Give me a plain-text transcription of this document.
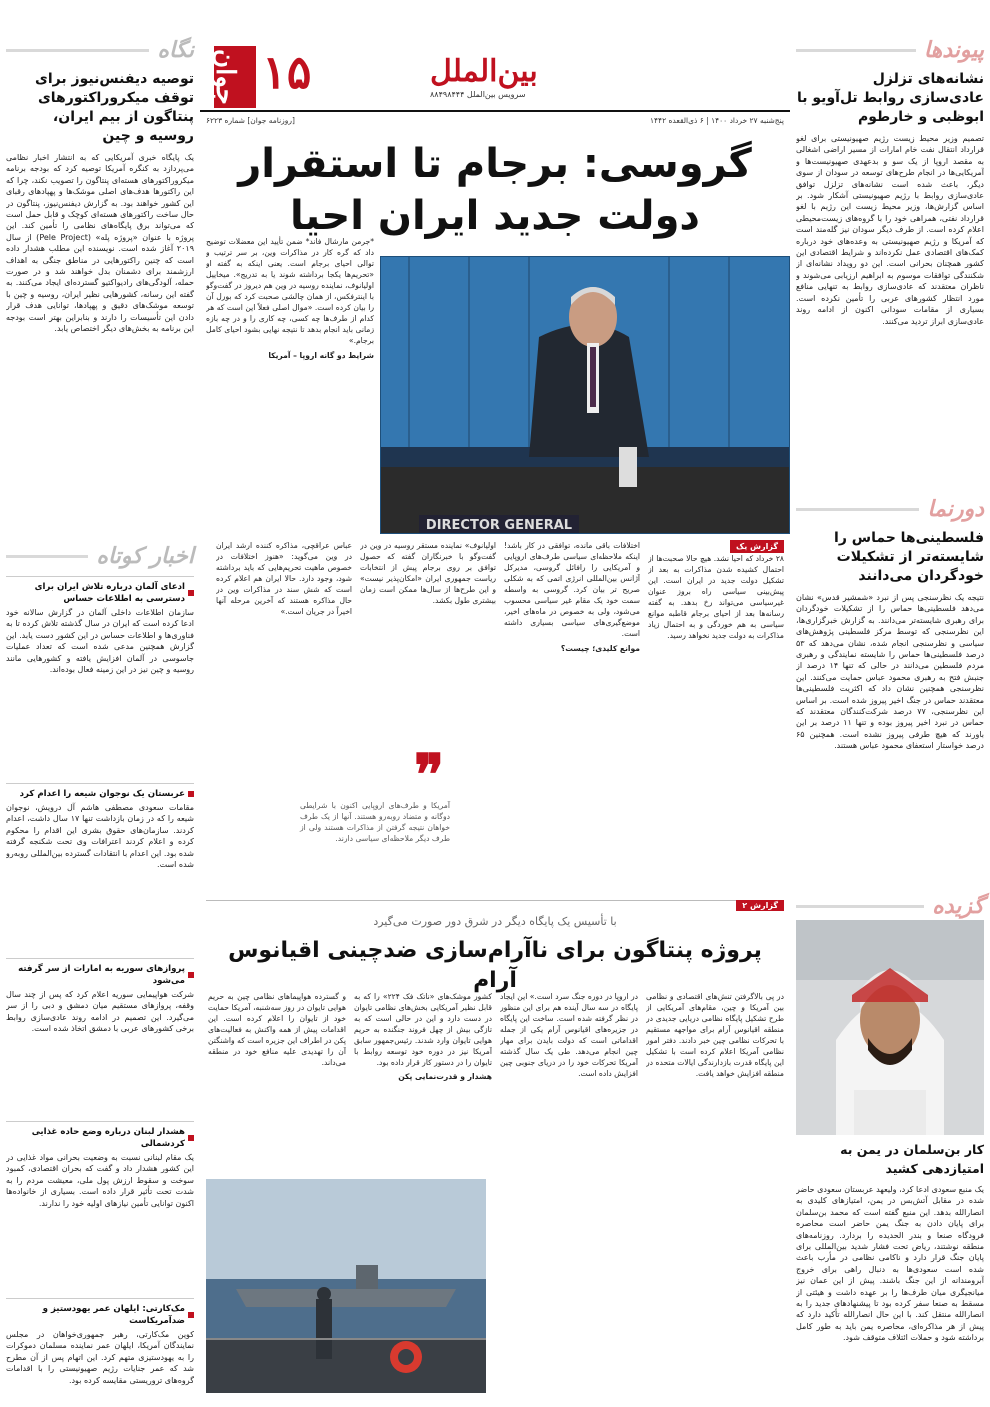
پیوندها
نشانه‌های تزلزل عادی‌سازی روابط تل‌آویو با ابوظبی و خارطوم
تصمیم وزیر محیط زیست رژیم صهیونیستی برای لغو قرارداد انتقال نفت خام امارات از مسیر اراضی اشغالی به مقصد اروپا از یک سو و بدعهدی صهیونیست‌ها و آمریکایی‌ها در انجام طرح‌های توسعه در سودان از سوی دیگر، باعث شده است نشانه‌های تزلزل توافق عادی‌سازی روابط با رژیم صهیونیستی آشکار شود. بر اساس گزارش‌ها، وزیر محیط زیست این رژیم با لغو قرارداد نفتی، همراهی خود را با گروه‌های زیست‌محیطی اعلام کرده است. از طرف دیگر سودان نیز گله‌مند است که آمریکا و رژیم صهیونیستی به وعده‌های خود درباره کمک‌های اقتصادی عمل نکرده‌اند و شرایط اقتصادی این کشور همچنان بحرانی است. این دو رویداد نشانه‌ای از شکنندگی توافقات موسوم به ابراهیم ارزیابی می‌شوند و ناظران معتقدند که عادی‌سازی روابط به تنهایی منافع مورد انتظار کشورهای عربی را تأمین نکرده است. بسیاری از مقامات سودانی اکنون از ادامه روند عادی‌سازی ابراز تردید می‌کنند.
دورنما
فلسطینی‌ها حماس را شایسته‌تر از تشکیلات خودگردان می‌دانند
نتیجه یک نظرسنجی پس از نبرد «شمشیر قدس» نشان می‌دهد فلسطینی‌ها حماس را از تشکیلات خودگردان برای رهبری شایسته‌تر می‌دانند. به گزارش خبرگزاری‌ها، این نظرسنجی که توسط مرکز فلسطینی پژوهش‌های سیاسی و نظرسنجی انجام شده، نشان می‌دهد که ۵۳ درصد فلسطینی‌ها حماس را شایسته نمایندگی و رهبری مردم فلسطین می‌دانند در حالی که تنها ۱۴ درصد از جنبش فتح به رهبری محمود عباس حمایت می‌کنند. این نظرسنجی همچنین نشان داد که اکثریت فلسطینی‌ها معتقدند حماس در جنگ اخیر پیروز شده است. بر اساس این نظرسنجی، ۷۷ درصد شرکت‌کنندگان معتقدند که حماس در نبرد اخیر پیروز بوده و تنها ۱۱ درصد بر این باورند که هیچ طرفی پیروز نشده است. همچنین ۶۵ درصد خواستار استعفای محمود عباس هستند.
گزیده
کار بن‌سلمان در یمن به امتیاز‌دهی کشید
یک منبع سعودی ادعا کرد، ولیعهد عربستان سعودی حاضر شده در مقابل آتش‌بس در یمن، امتیازهای کلیدی به انصارالله بدهد. این منبع گفته است که محمد بن‌سلمان برای پایان دادن به جنگ یمن حاضر است محاصره فرودگاه صنعا و بندر الحدیده را بردارد. روزنامه‌های منطقه نوشتند، ریاض تحت فشار شدید بین‌المللی برای پایان جنگ قرار دارد و ناکامی نظامی در مأرب باعث شده است سعودی‌ها به دنبال راهی برای خروج آبرومندانه از این جنگ باشند. پیش از این عمان نیز میانجیگری میان طرف‌ها را بر عهده داشت و هیئتی از مسقط به صنعا سفر کرده بود تا پیشنهادهای جدید را به انصارالله منتقل کند. با این حال انصارالله تأکید دارد که پیش از هر مذاکره‌ای، محاصره یمن باید به طور کامل برداشته شود و حملات ائتلاف متوقف شود.
نگاه
توصیه دیفنس‌نیوز برای توقف میکروراکتورهای پنتاگون از بیم ایران، روسیه و چین
یک پایگاه خبری آمریکایی که به انتشار اخبار نظامی می‌پردازد به کنگره آمریکا توصیه کرد که بودجه برنامه میکروراکتورهای هسته‌ای پنتاگون را تصویب نکند، چرا که این راکتورها هدف‌های اصلی موشک‌ها و پهپادهای رقبای این کشور خواهند بود. به گزارش دیفنس‌نیوز، پنتاگون در حال ساخت راکتورهای هسته‌ای کوچک و قابل حمل است که می‌تواند برق پایگاه‌های نظامی را تأمین کند. این پروژه با عنوان «پروژه پله» (Pele Project) از سال ۲۰۱۹ آغاز شده است. نویسنده این مطلب هشدار داده است که چنین راکتورهایی در مناطق جنگی به اهداف ارزشمند برای دشمنان بدل خواهند شد و در صورت حمله، آلودگی‌های رادیواکتیو گسترده‌ای ایجاد می‌کنند. به گفته این رسانه، کشورهایی نظیر ایران، روسیه و چین با توسعه موشک‌های دقیق و پهپادها، توانایی هدف قرار دادن این تأسیسات را دارند و بنابراین بهتر است بودجه این برنامه به بخش‌های دیگر اختصاص یابد.
اخبار کوتاه
ادعای آلمان درباره تلاش ایران برای دسترسی به اطلاعات حساس
سازمان اطلاعات داخلی آلمان در گزارش سالانه خود ادعا کرده است که ایران در سال گذشته تلاش کرده تا به فناوری‌ها و اطلاعات حساس در این کشور دست یابد. این گزارش همچنین مدعی شده است که تعداد عملیات جاسوسی در آلمان افزایش یافته و کشورهایی مانند روسیه و چین نیز در این زمینه فعال بوده‌اند.
عربستان یک نوجوان شیعه را اعدام کرد
مقامات سعودی مصطفی هاشم آل درویش، نوجوان شیعه را که در زمان بازداشت تنها ۱۷ سال داشت، اعدام کردند. سازمان‌های حقوق بشری این اقدام را محکوم کرده و اعلام کردند اعترافات وی تحت شکنجه گرفته شده بود. این اعدام با انتقادات گسترده بین‌المللی روبه‌رو شده است.
پروازهای سوریه به امارات از سر گرفته می‌شود
شرکت هواپیمایی سوریه اعلام کرد که پس از چند سال وقفه، پروازهای مستقیم میان دمشق و دبی را از سر می‌گیرد. این تصمیم در ادامه روند عادی‌سازی روابط برخی کشورهای عربی با دمشق اتخاذ شده است.
هشدار لبنان درباره وضع حاده غذایی کردشمالی
یک مقام لبنانی نسبت به وضعیت بحرانی مواد غذایی در این کشور هشدار داد و گفت که بحران اقتصادی، کمبود سوخت و سقوط ارزش پول ملی، معیشت مردم را به شدت تحت تأثیر قرار داده است. بسیاری از خانواده‌ها اکنون توانایی تأمین نیازهای اولیه خود را ندارند.
مک‌کارتی: ایلهان عمر یهودستیز و ضدآمریکاست
کوین مک‌کارتی، رهبر جمهوری‌خواهان در مجلس نمایندگان آمریکا، ایلهان عمر نماینده مسلمان دموکرات را به یهودستیزی متهم کرد. این اتهام پس از آن مطرح شد که عمر جنایات رژیم صهیونیستی را با اقدامات گروه‌های تروریستی مقایسه کرده بود.
جوان ۱۵	بین‌الملل
سرویس بین‌الملل ۸۸۴۹۸۴۴۴
[روزنامه جوان] شماره ۶۲۲۳	پنج‌شنبه ۲۷ خرداد ۱۴۰۰ | ۶ ذی‌القعده ۱۴۴۲
گروسی: برجام تا استقرار دولت جدید ایران احیا
DIRECTOR GENERAL
*جرمن مارشال فاند* ضمن تأیید این معضلات توضیح داد که گره کار در مذاکرات وین، بر سر ترتیب و توالی احیای برجام است. یعنی اینکه به گفته او «تحریم‌ها یکجا برداشته شوند یا به تدریج». میخاییل اولیانوف، نماینده روسیه در وین هم دیروز در گفت‌وگو با اینترفکس، از همان چالشی صحبت کرد که بورل آن را بیان کرده است. «موال اصلی فعلاً این است که هر کدام از طرف‌ها چه کسی، چه کاری را و در چه بازه زمانی باید انجام بدهد تا نتیجه نهایی بشود احیای کامل برجام.»
شرایط دو گانه اروپا – آمریکا
گزارش یک
۲۸ خرداد که احیا نشد. هیچ حالا صحبت‌ها از احتمال کشیده شدن مذاکرات به بعد از تشکیل دولت جدید در ایران است. این پیش‌بینی سیاسی راه بروز عنوان غیرسیاسی می‌تواند رخ بدهد. به گفته رسانه‌ها بعد از احیای برجام قاطبه موانع سیاسی به هم خوردگی و به احتمال زیاد مذاکرات به دولت جدید نخواهد رسید.
اختلافات باقی مانده، توافقی در کار باشد! اینکه ملاحظه‌ای سیاسی طرف‌های اروپایی و آمریکایی را رافائل گروسی، مدیرکل آژانس بین‌المللی انرژی اتمی که به شکلی صریح تر بیان کرد. گروسی به واسطه سمت خود یک مقام غیر سیاسی محسوب می‌شود، ولی به خصوص در ماه‌های اخیر، موضع‌گیری‌های سیاسی بسیاری داشته است.
موانع کلیدی؛ چیست؟
اولیانوف» نماینده مستقر روسیه در وین در گفت‌وگو با خبرنگاران گفته که حصول توافق بر روی برجام پیش از انتخابات ریاست جمهوری ایران «امکان‌پذیر نیست» و این طرح‌ها از سال‌ها ممکن است زمان بیشتری طول بکشد.
عباس عراقچی، مذاکره کننده ارشد ایران در وین می‌گوید: «هنوز اختلافات در خصوص ماهیت تحریم‌هایی که باید برداشته شود، وجود دارد. حالا ایران هم اعلام کرده است که شش سند در مذاکرات وین در حال مذاکره هستند که آخرین مرحله آنها اخیراً در جریان است.»
❞
آمریکا و طرف‌های اروپایی اکنون با شرایطی دوگانه و متضاد روبه‌رو هستند. آنها از یک طرف خواهان نتیجه گرفتن از مذاکرات هستند ولی از طرف دیگر ملاحظه‌ای سیاسی دارند.
گزارش ۲
با تأسیس یک پایگاه دیگر در شرق دور صورت می‌گیرد
پروژه پنتاگون برای ناآرام‌سازی ضدچینی اقیانوس آرام
در پی بالاگرفتن تنش‌های اقتصادی و نظامی بین آمریکا و چین، مقام‌های آمریکایی از طرح تشکیل پایگاه نظامی دریایی جدیدی در منطقه اقیانوس آرام برای مواجهه مستقیم با تحرکات نظامی چین خبر دادند. دفتر امور نظامی آمریکا اعلام کرده است با تشکیل این پایگاه قدرت بازدارندگی ایالات متحده در منطقه افزایش خواهد یافت.
در اروپا در دوره جنگ سرد است.» این ایجاد پایگاه در سه سال آینده هم برای این منظور در نظر گرفته شده است. ساخت این پایگاه در جزیره‌های اقیانوس آرام یکی از جمله اقداماتی است که دولت بایدن برای مهار چین انجام می‌دهد. طی یک سال گذشته آمریکا تحرکات خود را در دریای جنوبی چین افزایش داده است.
کشور موشک‌های «ناتک فک ۲۲۴» را که به قابل نظیر آمریکایی بخش‌های نظامی تایوان در دست دارد و این در حالی است که به تازگی بیش از چهل فروند جنگنده به حریم هوایی تایوان وارد شدند. رئیس‌جمهور سابق آمریکا نیز در دوره خود توسعه روابط با تایوان را در دستور کار قرار داده بود.
هشدار و قدرت‌نمایی پکن
و گسترده هواپیماهای نظامی چین به حریم هوایی تایوان در روز سه‌شنبه، آمریکا حمایت خود از تایوان را اعلام کرده است. این اقدامات پیش از همه واکنش به فعالیت‌های پکن در اطراف این جزیره است که واشنگتن آن را تهدیدی علیه منافع خود در منطقه می‌داند.
